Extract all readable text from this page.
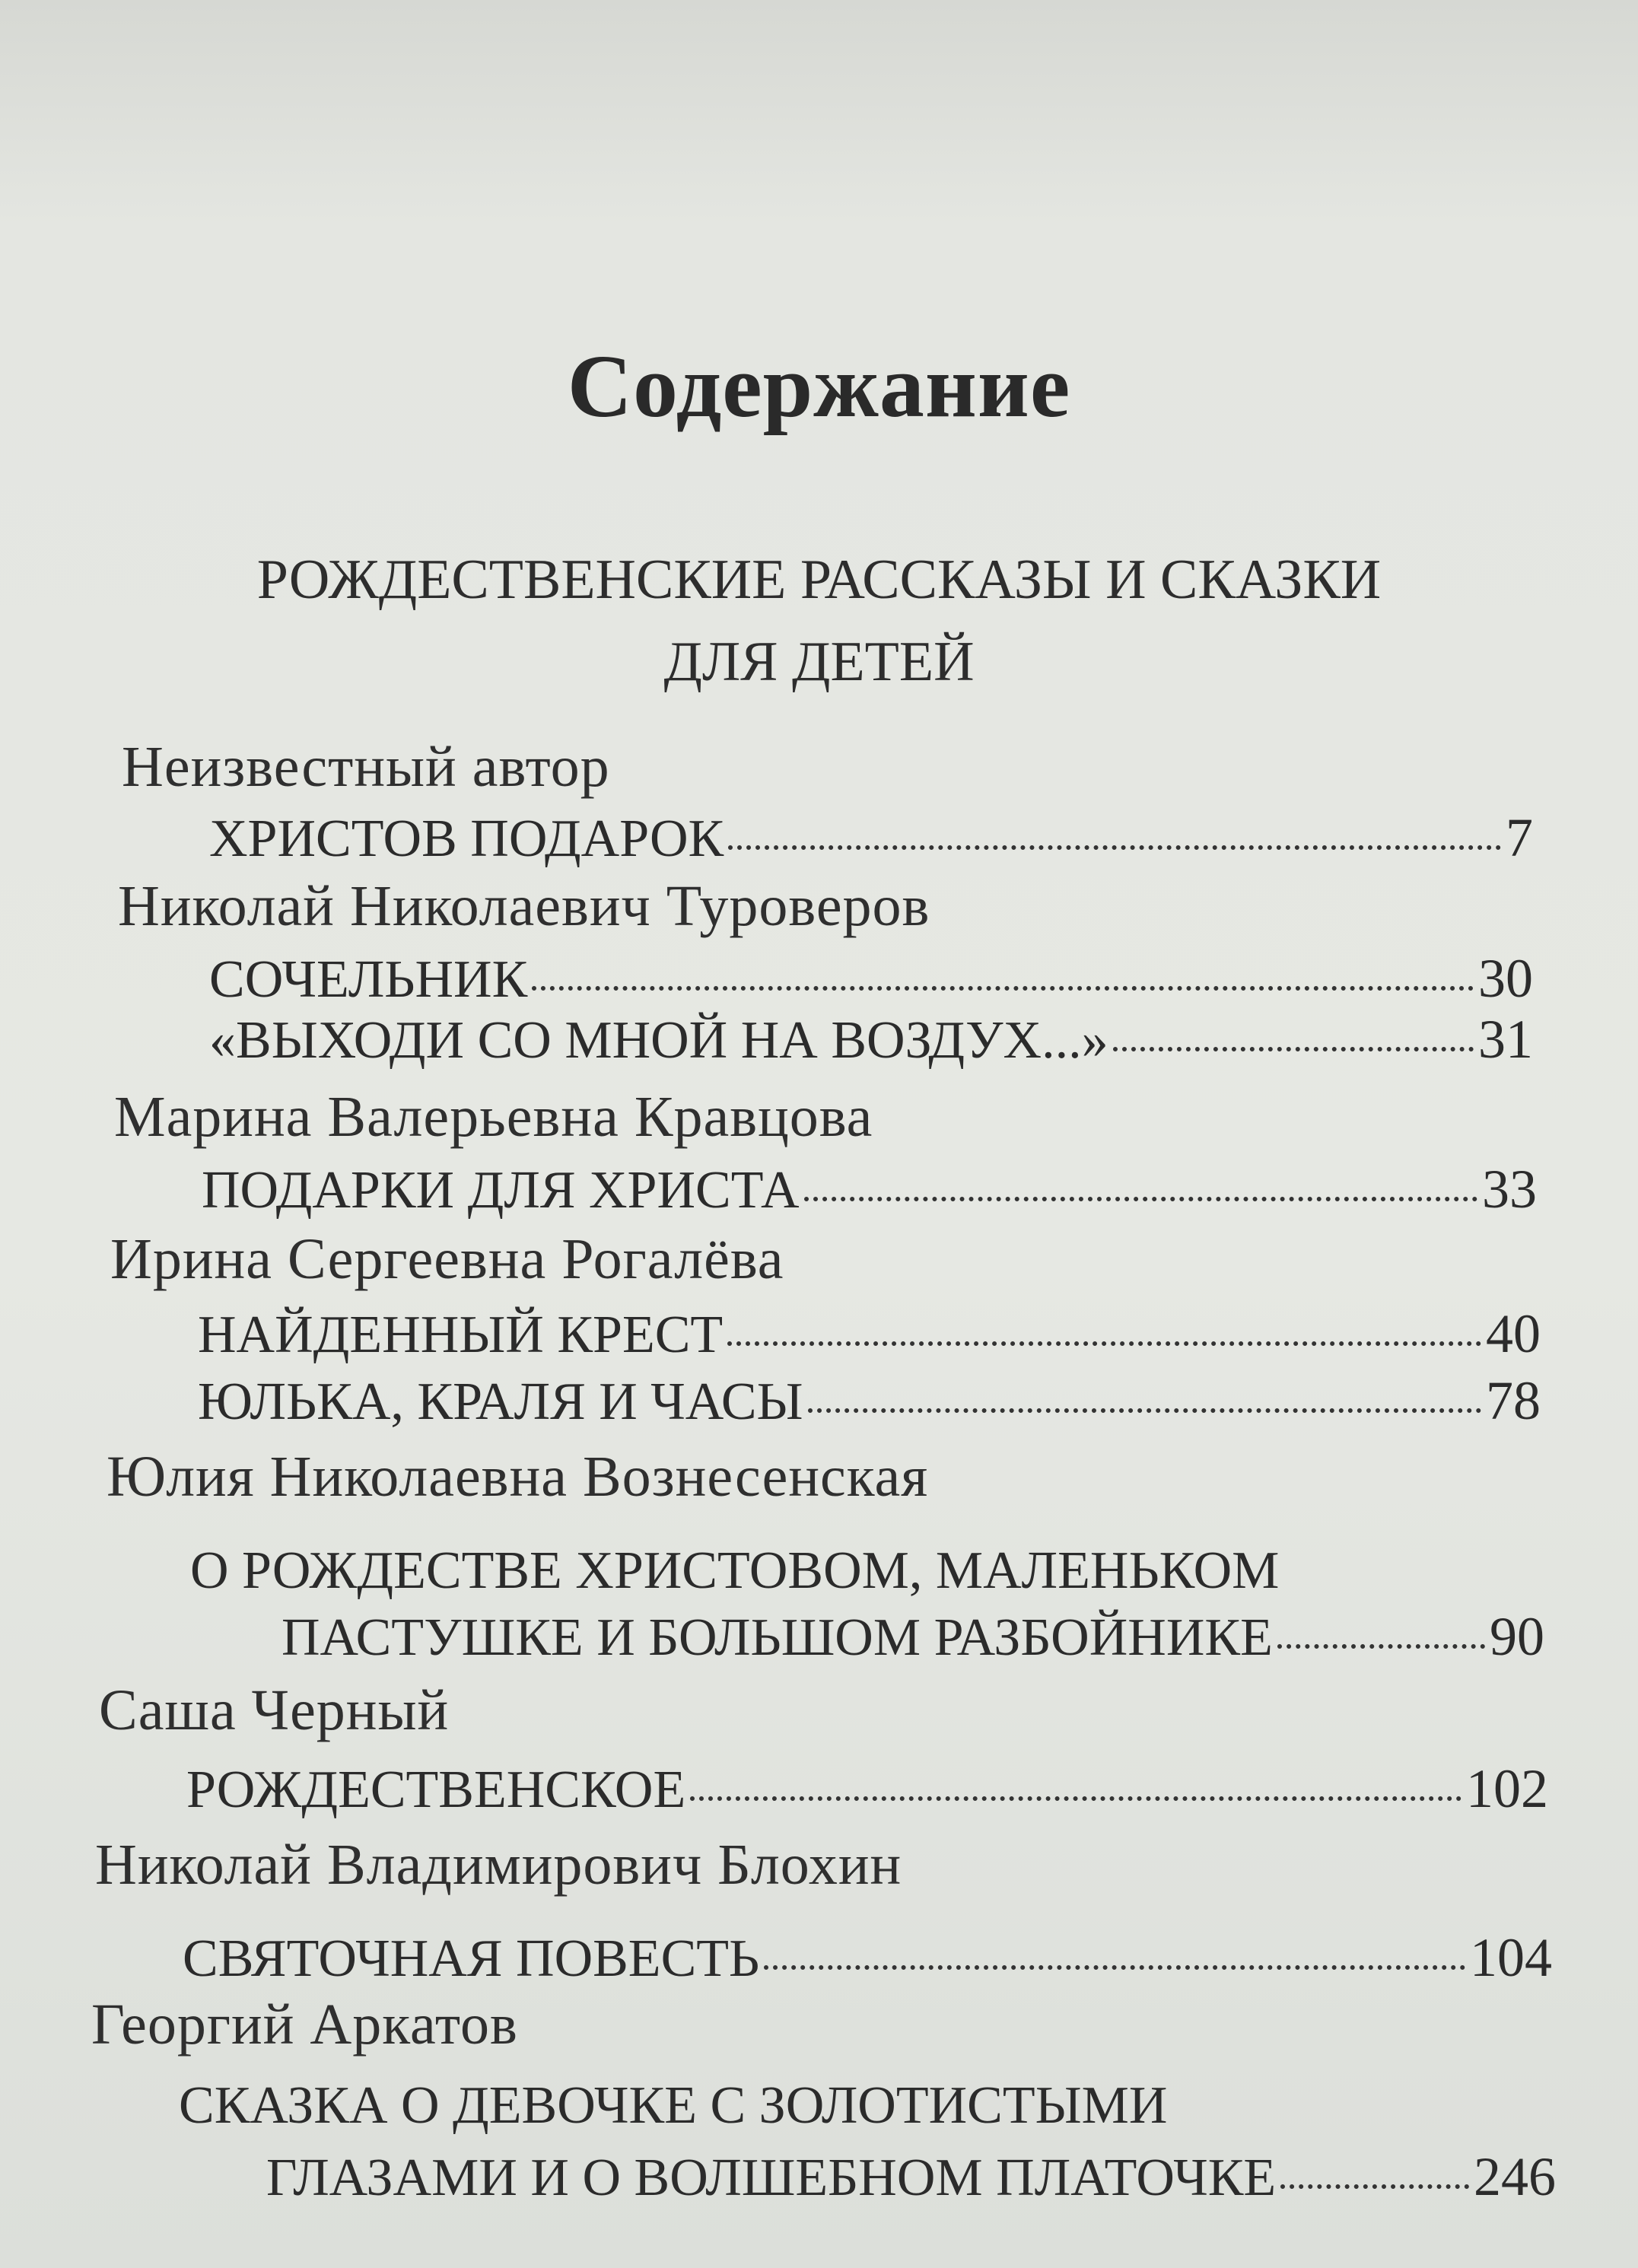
Содержание
РОЖДЕСТВЕНСКИЕ РАССКАЗЫ И СКАЗКИ
ДЛЯ ДЕТЕЙ
Неизвестный автор
ХРИСТОВ ПОДАРОК	7
Николай Николаевич Туроверов
СОЧЕЛЬНИК	30
«ВЫХОДИ СО МНОЙ НА ВОЗДУХ...»	31
Марина Валерьевна Кравцова
ПОДАРКИ ДЛЯ ХРИСТА	33
Ирина Сергеевна Рогалёва
НАЙДЕННЫЙ КРЕСТ	40
ЮЛЬКА, КРАЛЯ И ЧАСЫ	78
Юлия Николаевна Вознесенская
О РОЖДЕСТВЕ ХРИСТОВОМ, МАЛЕНЬКОМ
ПАСТУШКЕ И БОЛЬШОМ РАЗБОЙНИКЕ	90
Саша Черный
РОЖДЕСТВЕНСКОЕ	102
Николай Владимирович Блохин
СВЯТОЧНАЯ ПОВЕСТЬ	104
Георгий Аркатов
СКАЗКА О ДЕВОЧКЕ С ЗОЛОТИСТЫМИ
ГЛАЗАМИ И О ВОЛШЕБНОМ ПЛАТОЧКЕ	246
